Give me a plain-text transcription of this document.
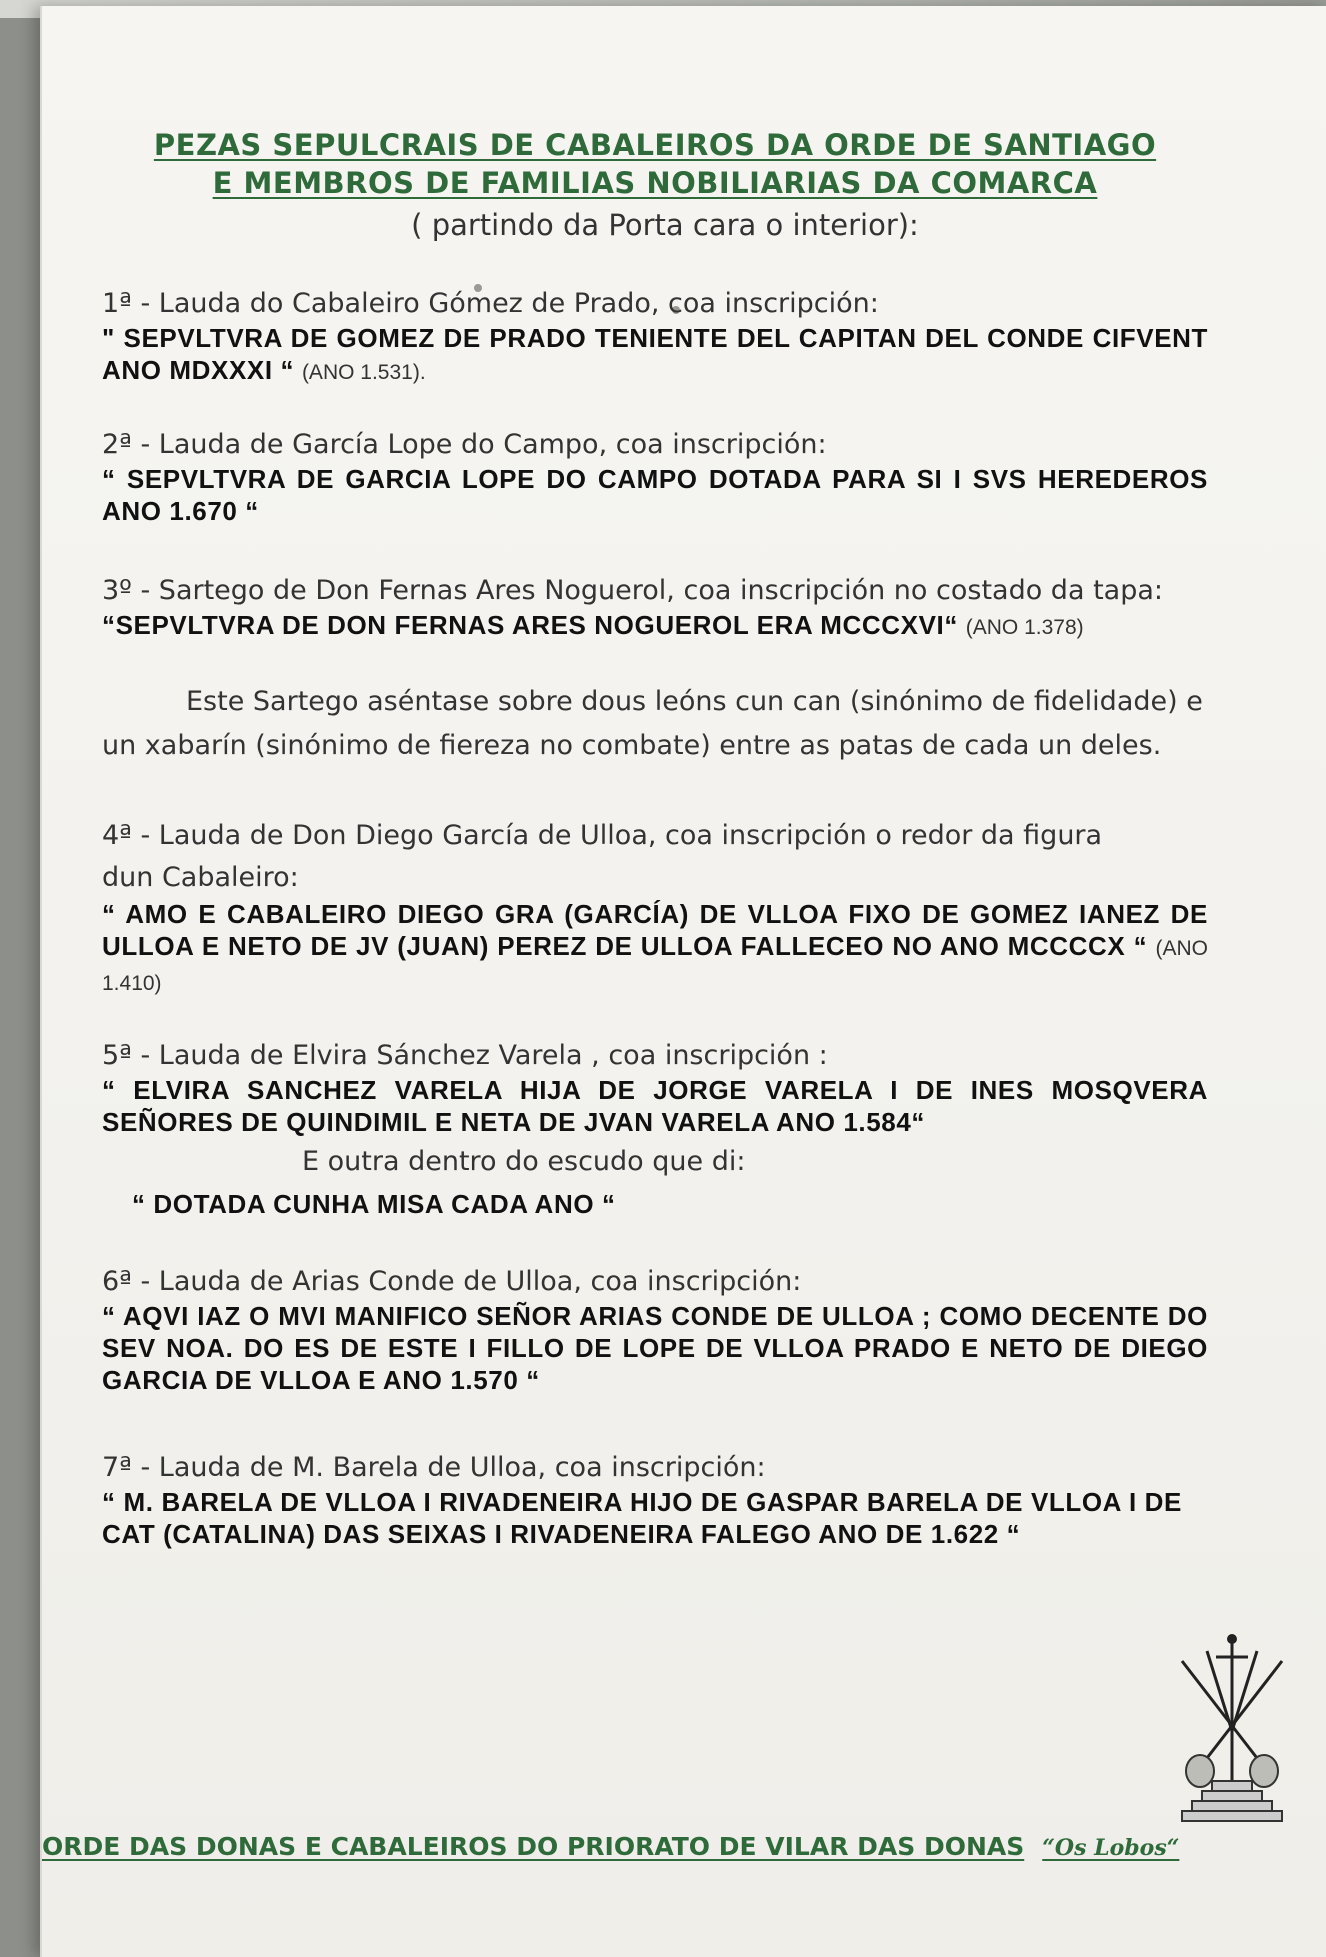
PEZAS SEPULCRAIS DE CABALEIROS DA ORDE DE SANTIAGO
E MEMBROS DE FAMILIAS NOBILIARIAS DA COMARCA
( partindo da Porta cara o interior):
1ª - Lauda do Cabaleiro Gómez de Prado, coa inscripción:
" SEPVLTVRA DE GOMEZ DE PRADO TENIENTE DEL CAPITAN DEL CONDE CIFVENT ANO MDXXXI “ (ANO 1.531).
2ª - Lauda de García Lope do Campo, coa inscripción:
“ SEPVLTVRA DE GARCIA LOPE DO CAMPO DOTADA PARA SI I SVS HEREDEROS ANO 1.670 “
3º - Sartego de Don Fernas Ares Noguerol, coa inscripción no costado da tapa:
“SEPVLTVRA DE DON FERNAS ARES NOGUEROL ERA MCCCXVI“ (ANO 1.378)
Este Sartego aséntase sobre dous leóns cun can (sinónimo de fidelidade) e un xabarín (sinónimo de fiereza no combate) entre as patas de cada un deles.
4ª - Lauda de Don Diego García de Ulloa, coa inscripción o redor da figura
dun Cabaleiro:
“ AMO E CABALEIRO DIEGO GRA (GARCÍA) DE VLLOA FIXO DE GOMEZ IANEZ DE ULLOA E NETO DE JV (JUAN) PEREZ DE ULLOA FALLECEO NO ANO MCCCCX “ (ANO 1.410)
5ª - Lauda de Elvira Sánchez Varela , coa inscripción :
“ ELVIRA SANCHEZ VARELA HIJA DE JORGE VARELA I DE INES MOSQVERA SEÑORES DE QUINDIMIL E NETA DE JVAN VARELA ANO 1.584“
E outra dentro do escudo que di:
“ DOTADA CUNHA MISA CADA ANO “
6ª - Lauda de Arias Conde de Ulloa, coa inscripción:
“ AQVI IAZ O MVI MANIFICO SEÑOR ARIAS CONDE DE ULLOA ; COMO DECENTE DO SEV NOA. DO ES DE ESTE I FILLO DE LOPE DE VLLOA PRADO E NETO DE DIEGO GARCIA DE VLLOA E ANO 1.570 “
7ª - Lauda de M. Barela de Ulloa, coa inscripción:
“ M. BARELA DE VLLOA I RIVADENEIRA HIJO DE GASPAR BARELA DE VLLOA I DE CAT (CATALINA) DAS SEIXAS I RIVADENEIRA FALEGO ANO DE 1.622 “
ORDE DAS DONAS E CABALEIROS DO PRIORATO DE VILAR DAS DONAS “Os Lobos“
